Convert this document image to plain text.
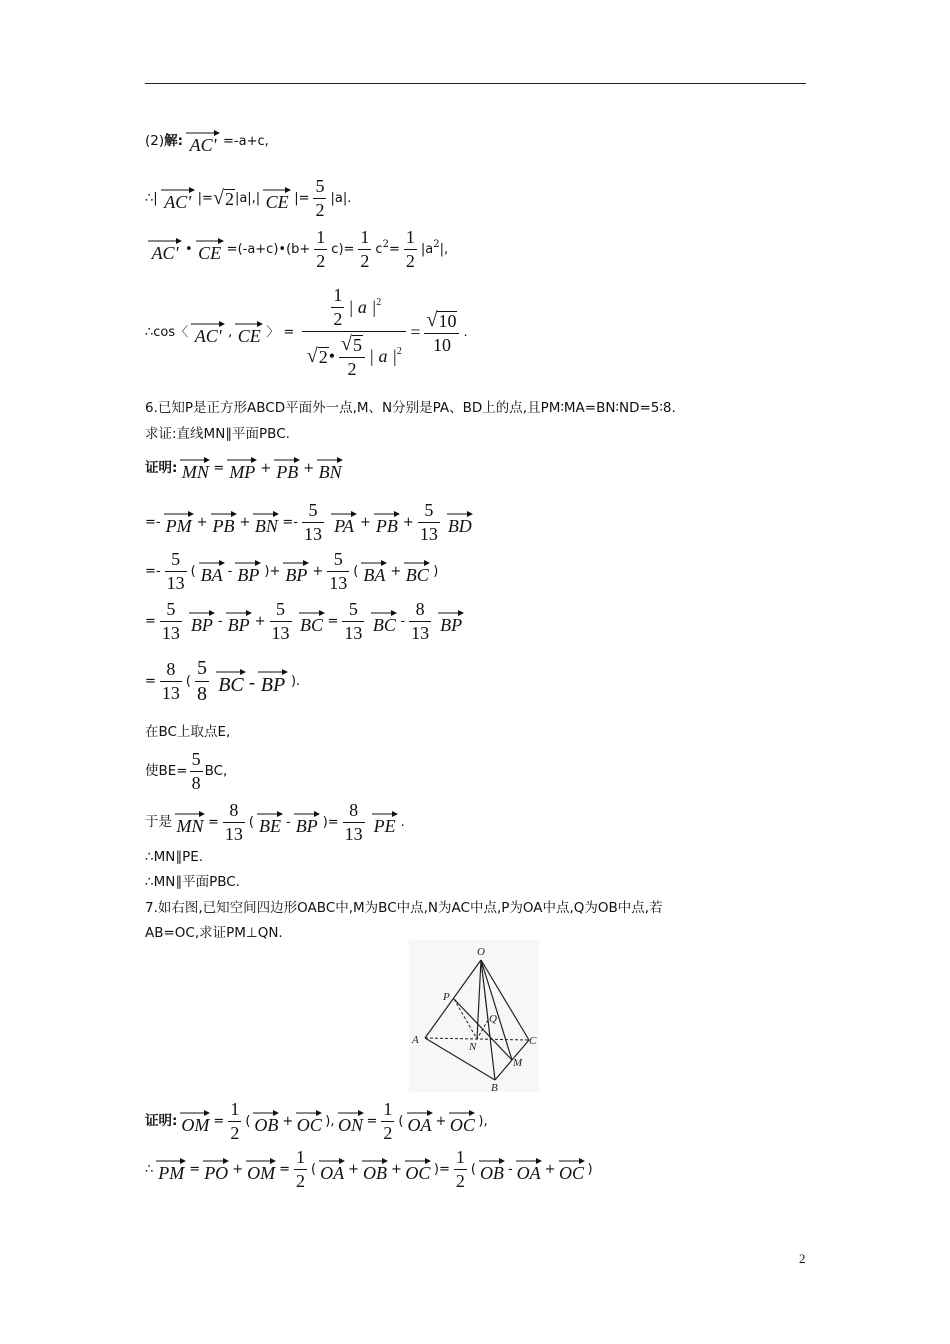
(2) 解: AC' =-a+c,
∴ | AC' |= √ 2 |a|,| CE |=
5
2
|a|.
AC' • CE =(-a+c)•(b+
1
2
c)=
1
2
c 2 =
1
2
|a 2 |,
∴cos〈 AC' , CE 〉 =
1
2
| a | 2
√ 2 •
√ 5
2
| a | 2
=
√ 10
10
.
6.已知P是正方形ABCD平面外一点,M、N分别是PA、BD上的点,且PM∶MA=BN∶ND=5∶8.
求证:直线MN∥平面PBC.
证明: MN = MP + PB + BN
=- PM + PB + BN =-
5
13 PA + PB +
5
13 BD
=-
5
13
( BA - BP )+ BP +
5
13
( BA + BC )
=
5
13 BP - BP +
5
13 BC =
5
13 BC -
8
13 BP
=
8
13
(
5
8 BC - BP ).
在BC上取点E,
使BE=
5
8
BC,
于是 MN =
8
13
( BE - BP )=
8
13 PE .
∴MN∥PE.
∴MN∥平面PBC.
7.如右图,已知空间四边形OABC中,M为BC中点,N为AC中点,P为OA中点,Q为OB中点,若
AB=OC,求证PM⊥QN.
O
P
Q
A	C
N
M
B
证明: OM =
1
2
( OB + OC ), ON =
1
2
( OA + OC ),
∴ PM = PO + OM =
1
2
( OA + OB + OC )=
1
2
( OB - OA + OC )
2
